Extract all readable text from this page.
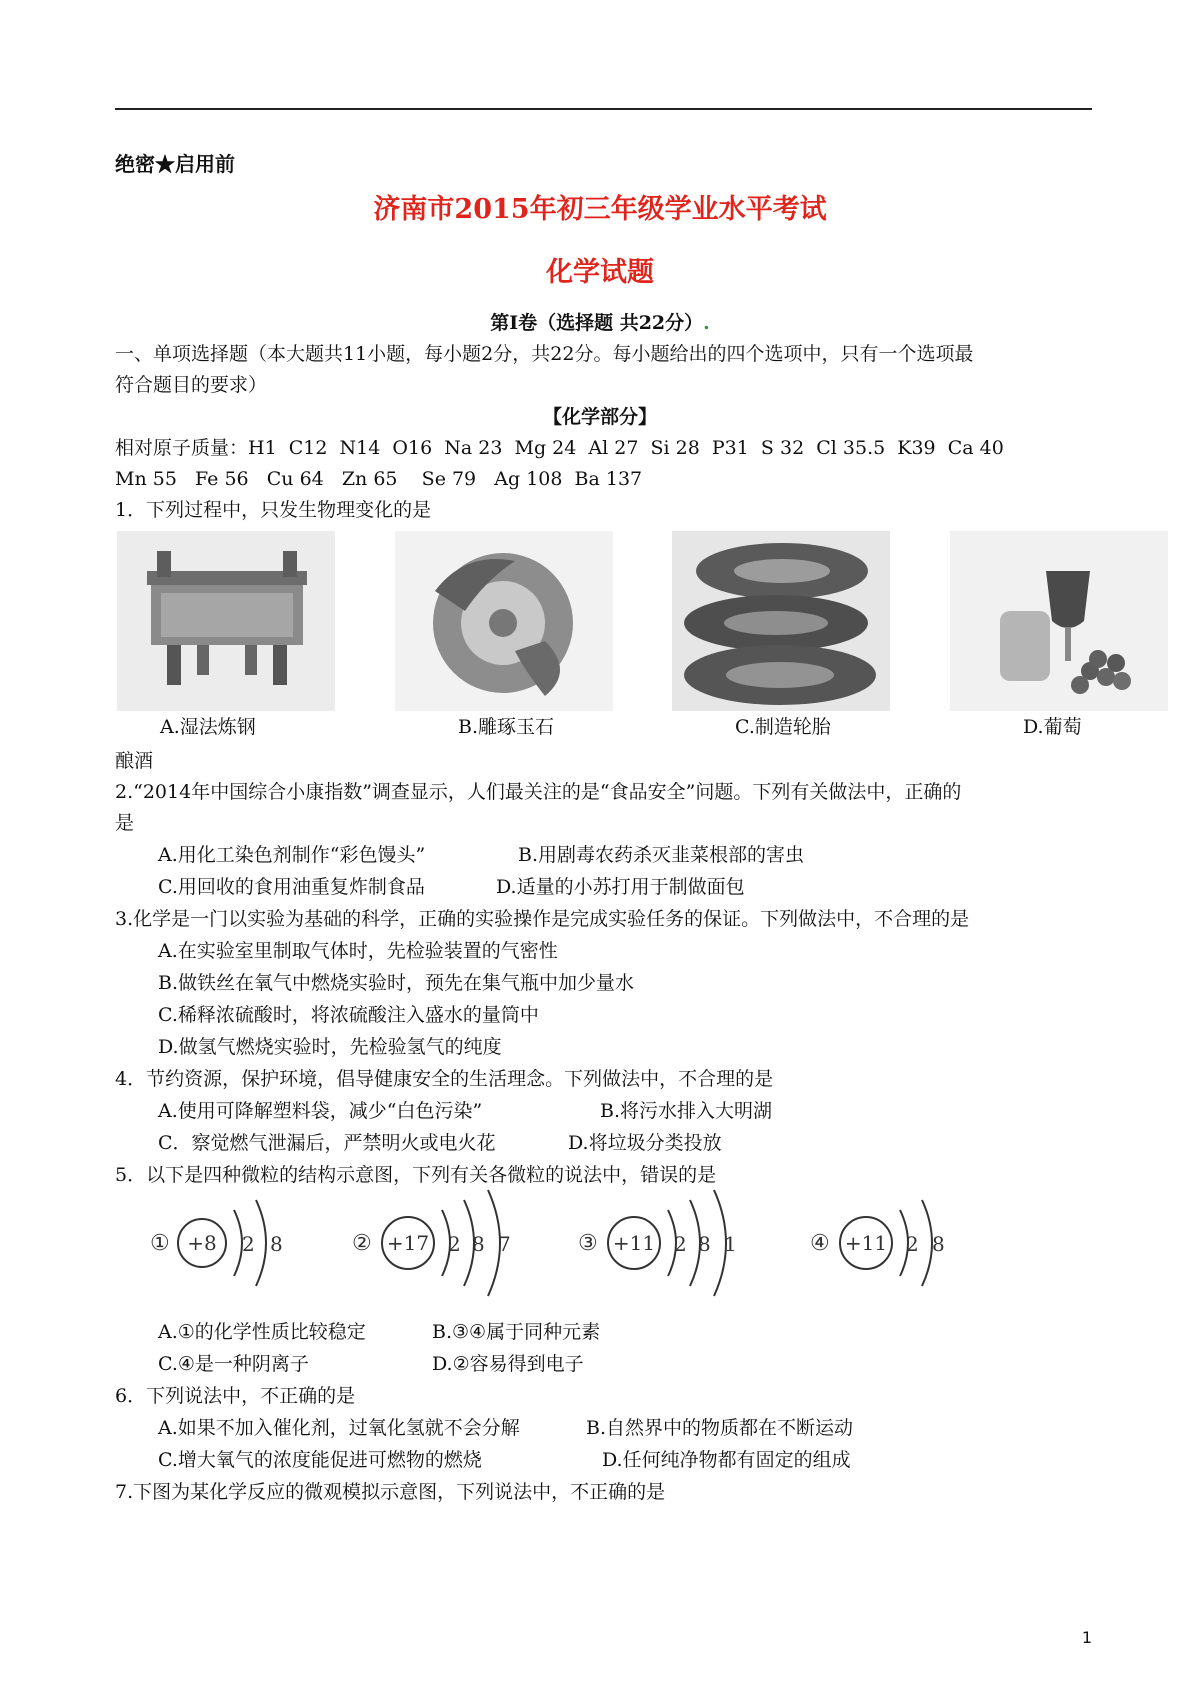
绝密★启用前
济南市2015年初三年级学业水平考试
化学试题
第Ⅰ卷（选择题 共22分）.
一、单项选择题（本大题共11小题，每小题2分，共22分。每小题给出的四个选项中，只有一个选项最
符合题目的要求）
【化学部分】
相对原子质量：H1  C12  N14  O16  Na 23  Mg 24  Al 27  Si 28  P31  S 32  Cl 35.5  K39  Ca 40
Mn 55   Fe 56   Cu 64   Zn 65    Se 79   Ag 108  Ba 137
1．下列过程中，只发生物理变化的是
A.湿法炼钢	B.雕琢玉石	C.制造轮胎	D.葡萄
酿酒
2.“2014年中国综合小康指数”调查显示，人们最关注的是“食品安全”问题。下列有关做法中，正确的
是
A.用化工染色剂制作“彩色馒头”	B.用剧毒农药杀灭韭菜根部的害虫
C.用回收的食用油重复炸制食品	D.适量的小苏打用于制做面包
3.化学是一门以实验为基础的科学，正确的实验操作是完成实验任务的保证。下列做法中，不合理的是
A.在实验室里制取气体时，先检验装置的气密性
B.做铁丝在氧气中燃烧实验时，预先在集气瓶中加少量水
C.稀释浓硫酸时，将浓硫酸注入盛水的量筒中
D.做氢气燃烧实验时，先检验氢气的纯度
4．节约资源，保护环境，倡导健康安全的生活理念。下列做法中，不合理的是
A.使用可降解塑料袋，减少“白色污染”	B.将污水排入大明湖
C．察觉燃气泄漏后，严禁明火或电火花	D.将垃圾分类投放
5．以下是四种微粒的结构示意图，下列有关各微粒的说法中，错误的是
① +8 2 8	② +17 2 8 7	③ +11 2 8 1	④ +11 2 8
A.①的化学性质比较稳定	B.③④属于同种元素
C.④是一种阴离子	D.②容易得到电子
6．下列说法中，不正确的是
A.如果不加入催化剂，过氧化氢就不会分解	B.自然界中的物质都在不断运动
C.增大氧气的浓度能促进可燃物的燃烧	D.任何纯净物都有固定的组成
7.下图为某化学反应的微观模拟示意图，下列说法中，不正确的是
1
